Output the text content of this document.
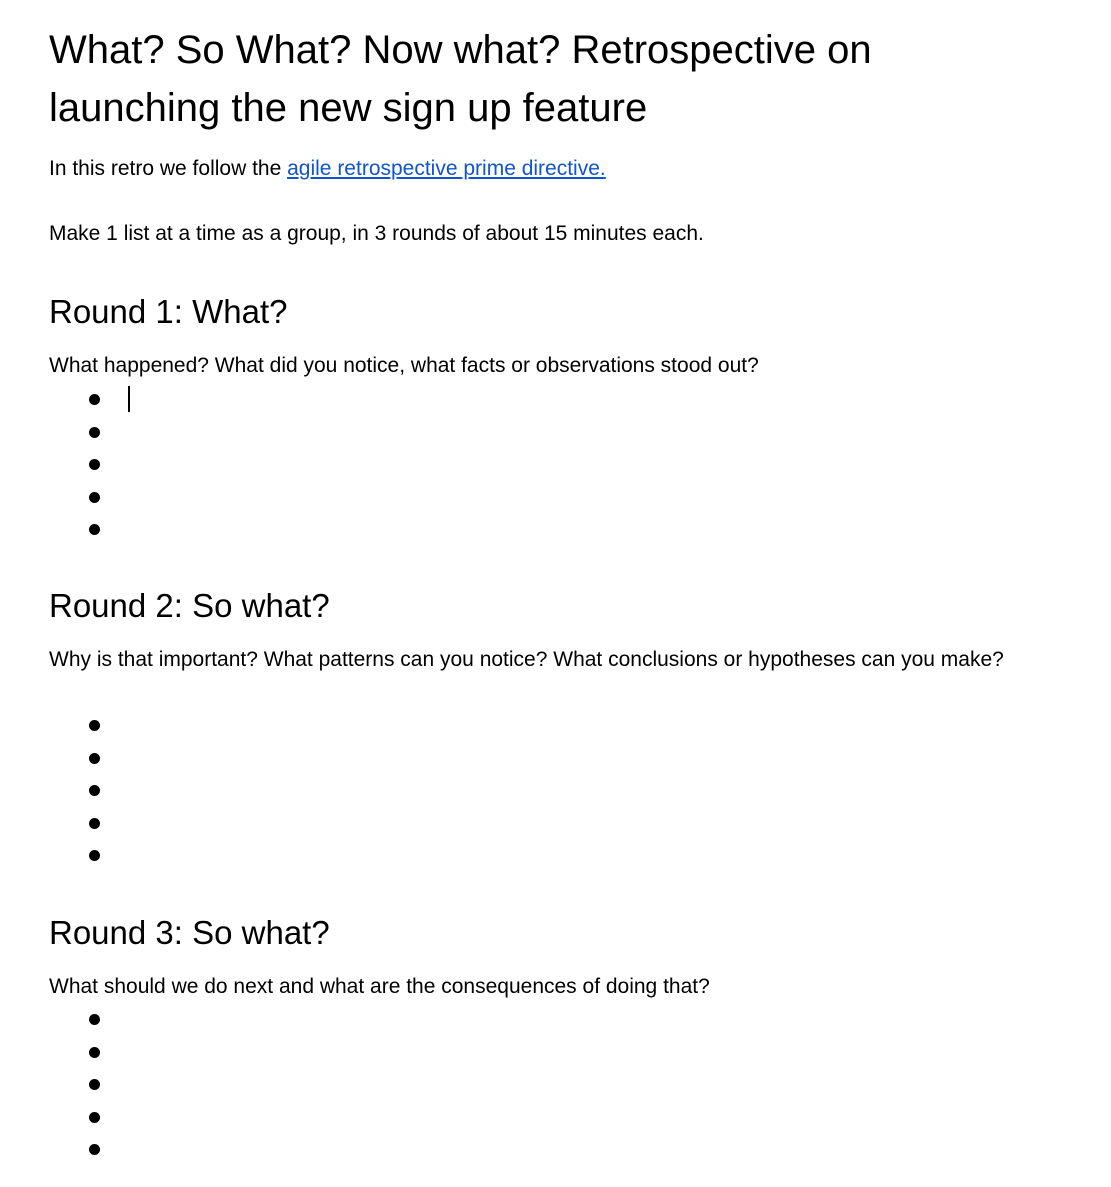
What? So What? Now what? Retrospective on launching the new sign up feature

In this retro we follow the agile retrospective prime directive.

Make 1 list at a time as a group, in 3 rounds of about 15 minutes each.

Round 1: What?

What happened? What did you notice, what facts or observations stood out?

Round 2: So what?

Why is that important? What patterns can you notice? What conclusions or hypotheses can you make?

Round 3: So what?

What should we do next and what are the consequences of doing that?
